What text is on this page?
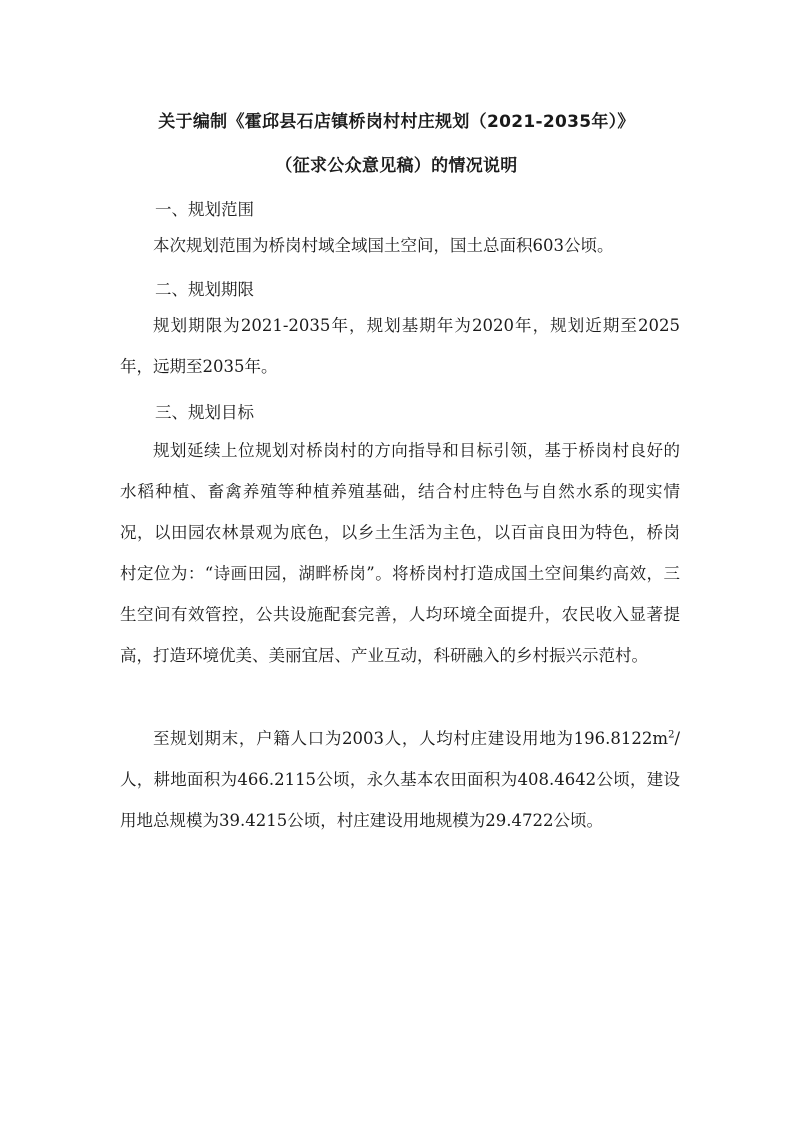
关于编制《霍邱县石店镇桥岗村村庄规划（2021-2035年）》
（征求公众意见稿）的情况说明
一、规划范围
本次规划范围为桥岗村域全域国土空间，国土总面积603公顷。
二、规划期限
规划期限为2021-2035年，规划基期年为2020年，规划近期至2025年，远期至2035年。
三、规划目标
规划延续上位规划对桥岗村的方向指导和目标引领，基于桥岗村良好的水稻种植、畜禽养殖等种植养殖基础，结合村庄特色与自然水系的现实情况，以田园农林景观为底色，以乡土生活为主色，以百亩良田为特色，桥岗村定位为：“诗画田园，湖畔桥岗”。将桥岗村打造成国土空间集约高效，三生空间有效管控，公共设施配套完善，人均环境全面提升，农民收入显著提高，打造环境优美、美丽宜居、产业互动，科研融入的乡村振兴示范村。
至规划期末，户籍人口为2003人，人均村庄建设用地为$196.8122m^2/$人，耕地面积为466.2115公顷，永久基本农田面积为408.4642公顷，建设用地总规模为39.4215公顷，村庄建设用地规模为29.4722公顷。
